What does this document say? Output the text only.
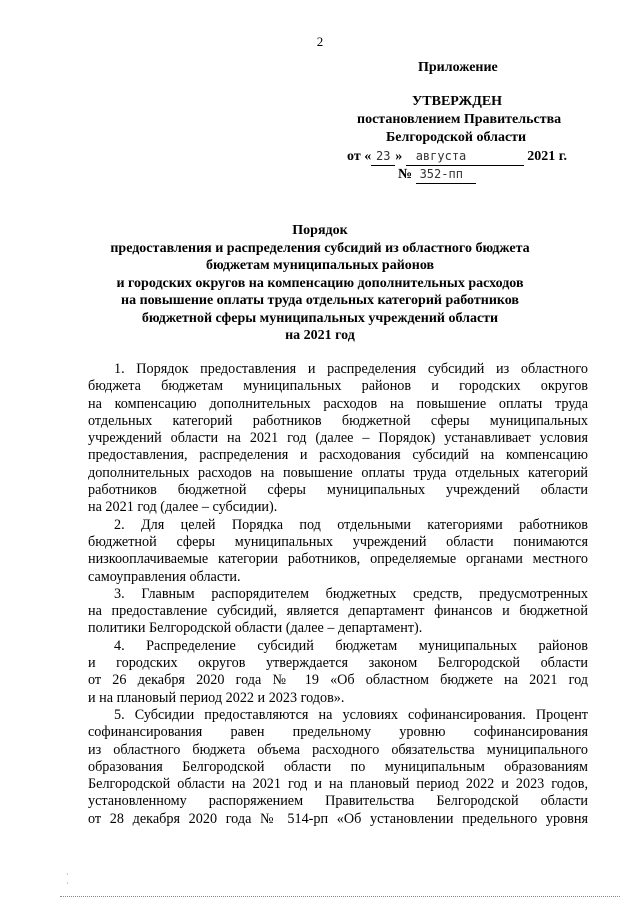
2
Приложение
УТВЕРЖДЕН
постановлением Правительства
Белгородской области
от « 23 » августа	2021 г.
№ 352-пп
Порядок
предоставления и распределения субсидий из областного бюджета
бюджетам муниципальных районов
и городских округов на компенсацию дополнительных расходов
на повышение оплаты труда отдельных категорий работников
бюджетной сферы муниципальных учреждений области
на 2021 год

1. Порядок предоставления и распределения субсидий из областного

бюджета бюджетам муниципальных районов и городских округов

на компенсацию дополнительных расходов на повышение оплаты труда

отдельных категорий работников бюджетной сферы муниципальных

учреждений области на 2021 год (далее – Порядок) устанавливает условия

предоставления, распределения и расходования субсидий на компенсацию

дополнительных расходов на повышение оплаты труда отдельных категорий

работников бюджетной сферы муниципальных учреждений области

на 2021 год (далее – субсидии).

2. Для целей Порядка под отдельными категориями работников

бюджетной сферы муниципальных учреждений области понимаются

низкооплачиваемые категории работников, определяемые органами местного

самоуправления области.

3. Главным распорядителем бюджетных средств, предусмотренных

на предоставление субсидий, является департамент финансов и бюджетной

политики Белгородской области (далее – департамент).

4. Распределение субсидий бюджетам муниципальных районов

и городских округов утверждается законом Белгородской области

от 26 декабря 2020 года № 19 «Об областном бюджете на 2021 год

и на плановый период 2022 и 2023 годов».

5. Субсидии предоставляются на условиях софинансирования. Процент

софинансирования равен предельному уровню софинансирования

из областного бюджета объема расходного обязательства муниципального

образования Белгородской области по муниципальным образованиям

Белгородской области на 2021 год и на плановый период 2022 и 2023 годов,

установленному распоряжением Правительства Белгородской области

от 28 декабря 2020 года № 514-рп «Об установлении предельного уровня

·
·
